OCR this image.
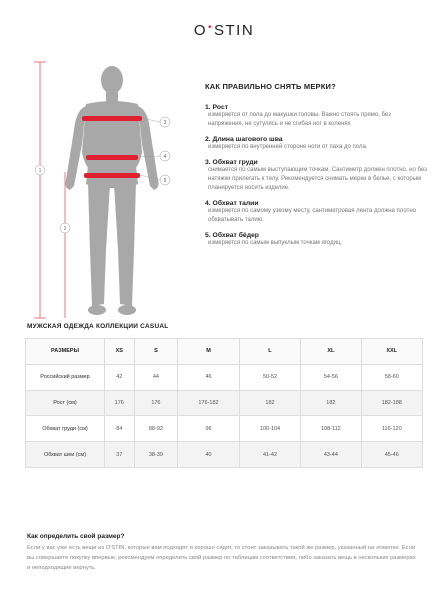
O•STIN
1
2
3
4
5
КАК ПРАВИЛЬНО СНЯТЬ МЕРКИ?
1. Рост
измеряется от пола до макушки головы. Важно стоять прямо, без напряжения, не сутулясь и не сгибая ног в коленях
2. Длина шагового шва
измеряется по внутренней стороне ноги от паха до пола.
3. Обхват груди
снимается по самым выступающим точкам. Сантиметр должен плотно, но без натяжки прилегать к телу. Рекомендуется снимать мерки в белье, с которым планируется носить изделие.
4. Обхват талии
измеряется по самому узкому месту, сантиметровая лента должна плотно обхватывать талию.
5. Обхват бёдер
измеряется по самым выпуклым точкам ягодиц.
МУЖСКАЯ ОДЕЖДА КОЛЛЕКЦИИ CASUAL
РАЗМЕРЫ	XS	S	M	L	XL	XXL
Российский размер	42	44	46	50-52	54-56	58-60
Рост (см)	176	176	176-182	182	182	182-188
Обхват груди (см)	84	88-92	96	100-104	108-112	116-120
Обхват шеи (см)	37	38-39	40	41-42	43-44	45-46
Как определить свой размер?
Если у вас уже есть вещи из O'STIN, которые вам подходят и хорошо сидят, то стоит заказывать такой же размер, указанный на этикетке. Если вы совершаете покупку впервые, рекомендуем определить свой размер по таблицам соответствия, либо заказать вещь в нескольких размерах и неподходящие вернуть.
